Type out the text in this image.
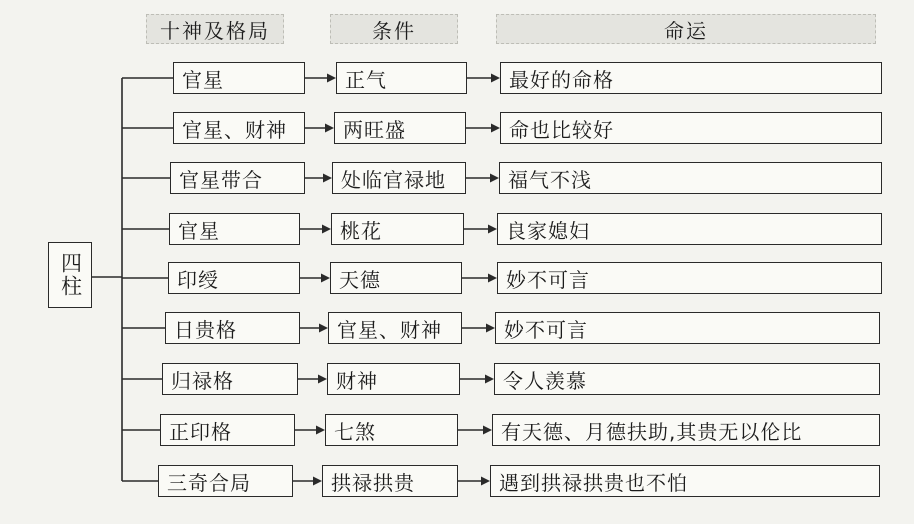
十神及格局	条件	命运
四柱
官星	正气	最好的命格
官星、财神	两旺盛	命也比较好
官星带合	处临官禄地	福气不浅
官星	桃花	良家媳妇
印绶	天德	妙不可言
日贵格	官星、财神	妙不可言
归禄格	财神	令人羡慕
正印格	七煞	有天德、月德扶助,其贵无以伦比
三奇合局	拱禄拱贵	遇到拱禄拱贵也不怕
